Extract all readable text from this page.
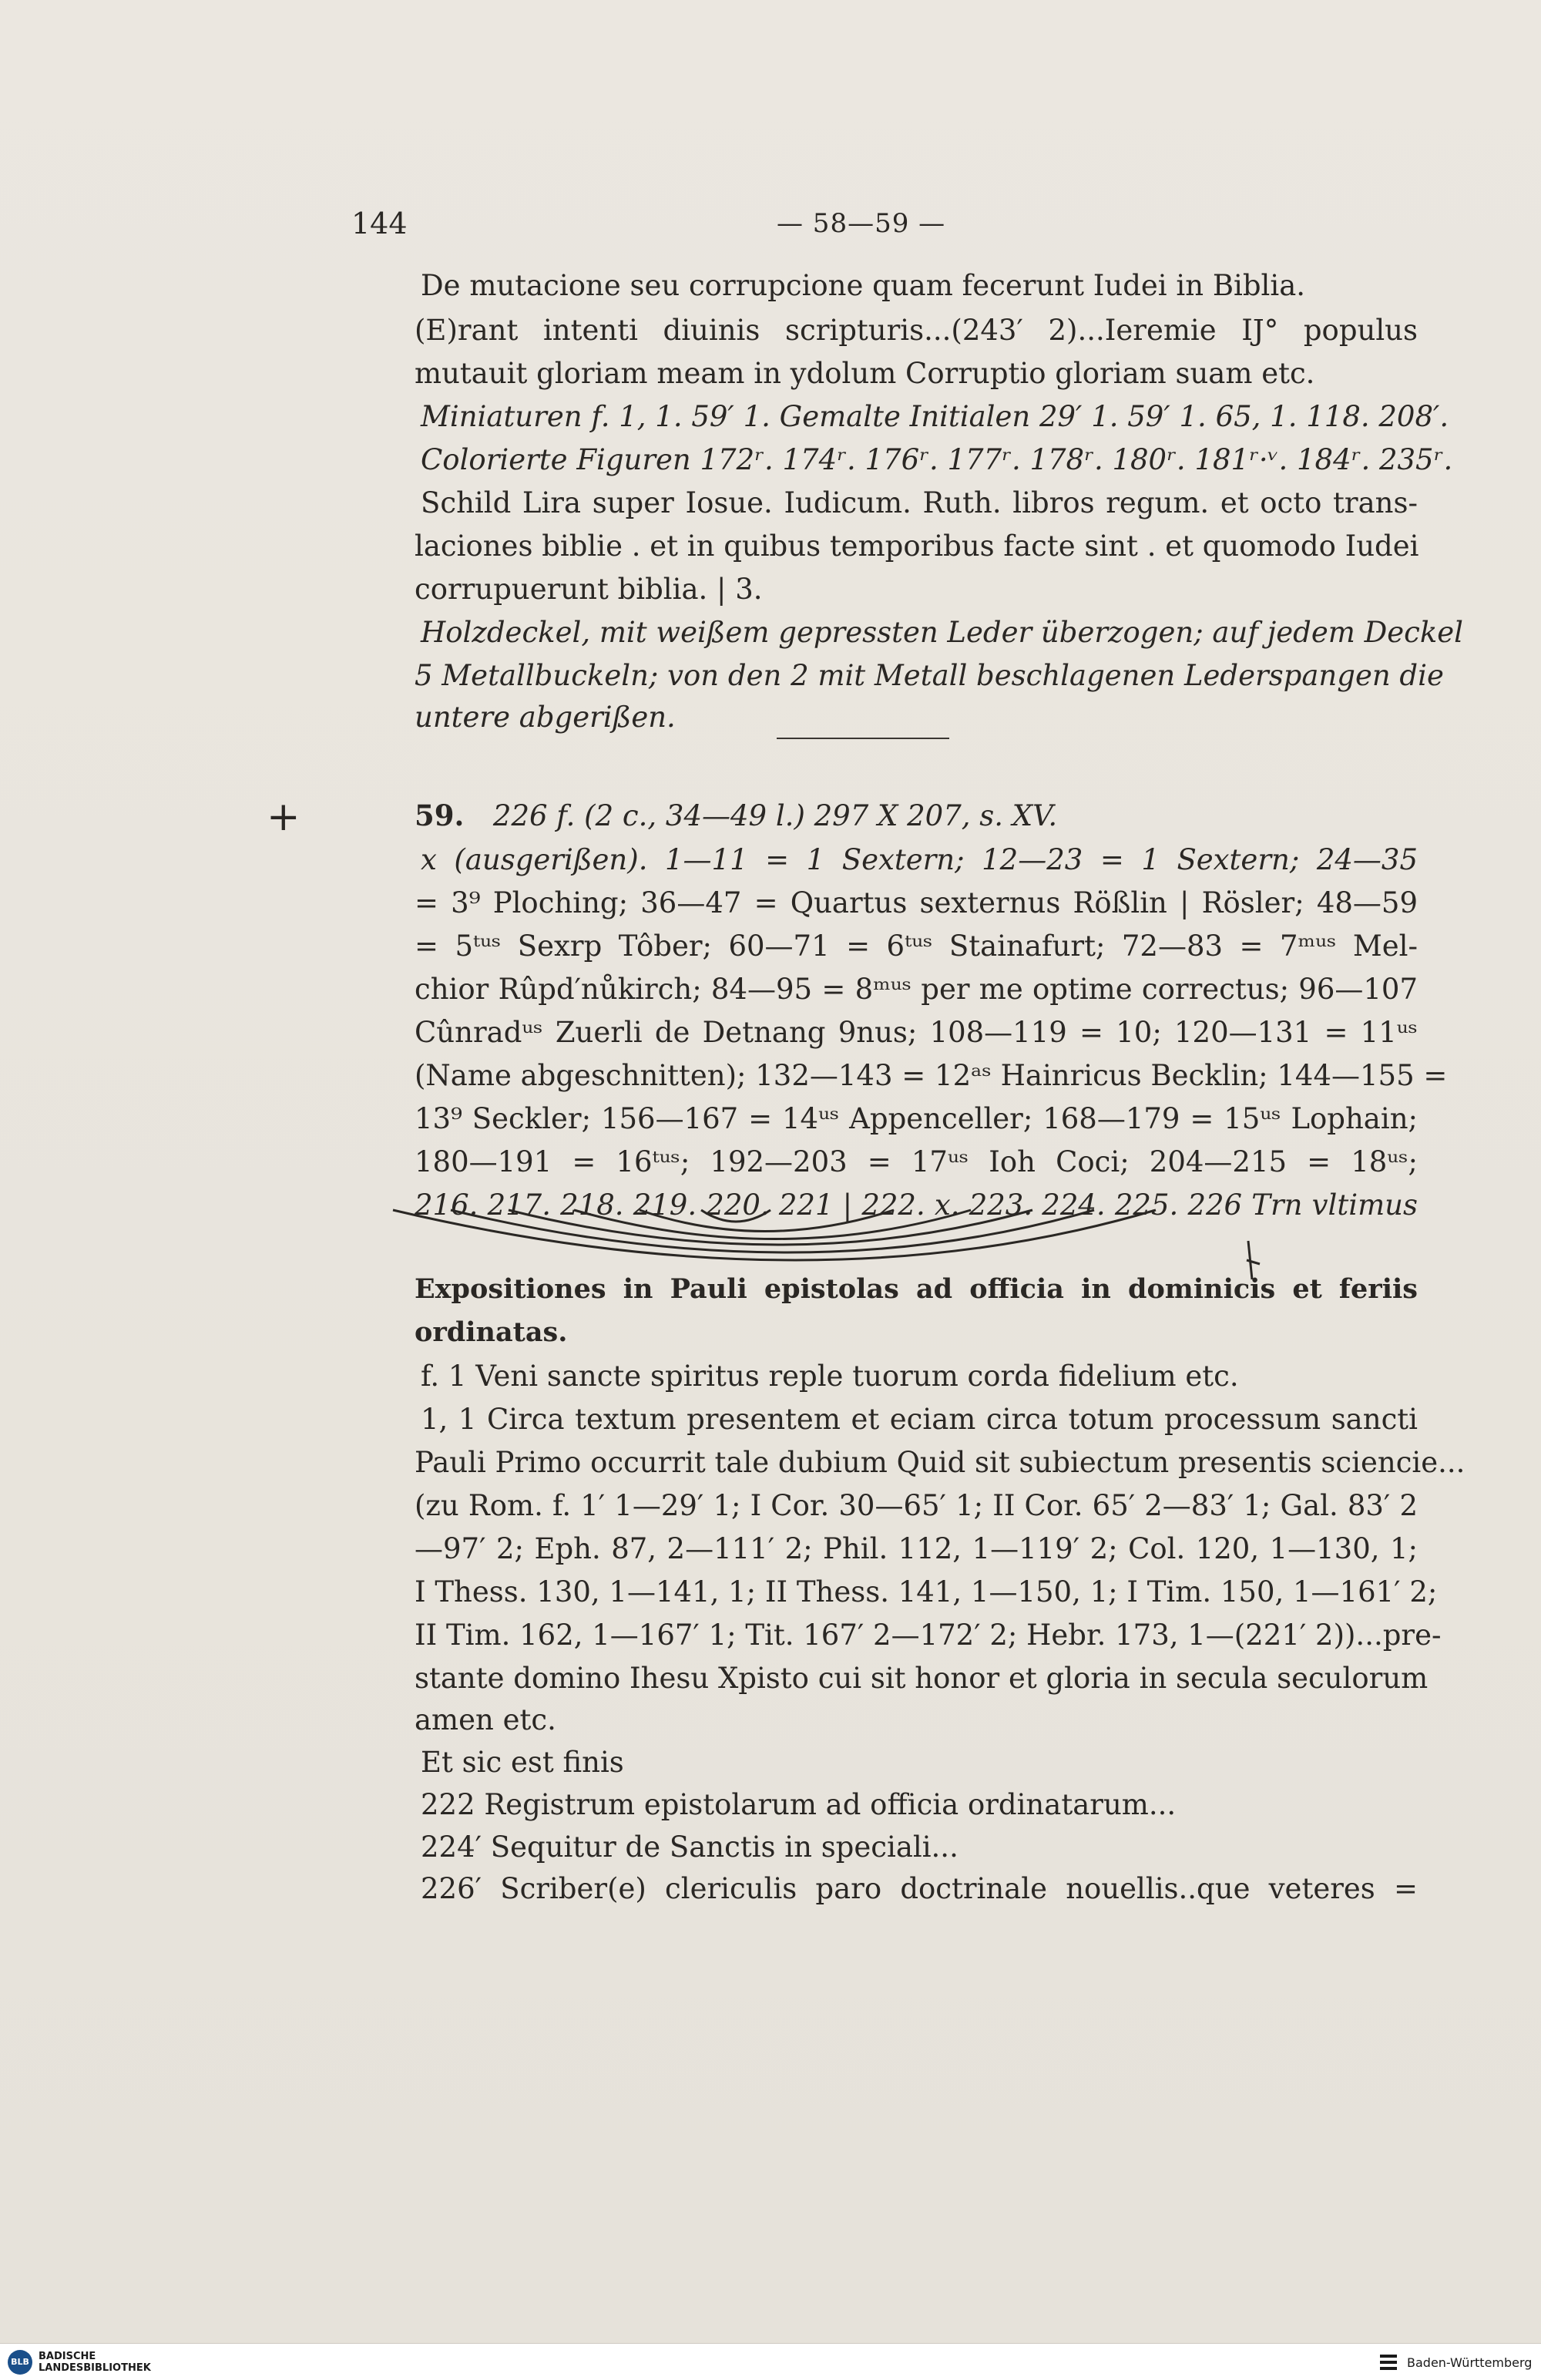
144	— 58—59 —
De mutacione seu corrupcione quam fecerunt Iudei in Biblia.
(E)rant intenti diuinis scripturis...(243′ 2)...Ieremie IJ° populus
mutauit gloriam meam in ydolum Corruptio gloriam suam etc.
Miniaturen f. 1, 1. 59′ 1. Gemalte Initialen 29′ 1. 59′ 1. 65, 1. 118. 208′.
Colorierte Figuren 172ʳ. 174ʳ. 176ʳ. 177ʳ. 178ʳ. 180ʳ. 181ʳ·ᵛ. 184ʳ. 235ʳ.
Schild Lira super Iosue. Iudicum. Ruth. libros regum. et octo trans-
laciones biblie . et in quibus temporibus facte sint . et quomodo Iudei
corrupuerunt biblia. | 3.
Holzdeckel, mit weißem gepressten Leder überzogen; auf jedem Deckel
5 Metallbuckeln; von den 2 mit Metall beschlagenen Lederspangen die
untere abgerißen.
+	59. 226 f. (2 c., 34—49 l.) 297 X 207, s. XV.
x (ausgerißen). 1—11 = 1 Sextern; 12—23 = 1 Sextern; 24—35
= 3⁹ Ploching; 36—47 = Quartus sexternus Rößlin | Rösler; 48—59
= 5ᵗᵘˢ Sexrp Tôber; 60—71 = 6ᵗᵘˢ Stainafurt; 72—83 = 7ᵐᵘˢ Mel-
chior Rûpd′nůkirch; 84—95 = 8ᵐᵘˢ per me optime correctus; 96—107
Cûnradᵘˢ Zuerli de Detnang 9nus; 108—119 = 10; 120—131 = 11ᵘˢ
(Name abgeschnitten); 132—143 = 12ᵃˢ Hainricus Becklin; 144—155 =
13⁹ Seckler; 156—167 = 14ᵘˢ Appenceller; 168—179 = 15ᵘˢ Lophain;
180—191 = 16ᵗᵘˢ; 192—203 = 17ᵘˢ Ioh Coci; 204—215 = 18ᵘˢ;
216. 217. 218. 219. 220. 221 | 222. x. 223. 224. 225. 226 Trn vltimus
Expositiones in Pauli epistolas ad officia in dominicis et feriis
ordinatas.
f. 1 Veni sancte spiritus reple tuorum corda fidelium etc.
1, 1 Circa textum presentem et eciam circa totum processum sancti
Pauli Primo occurrit tale dubium Quid sit subiectum presentis sciencie...
(zu Rom. f. 1′ 1—29′ 1; I Cor. 30—65′ 1; II Cor. 65′ 2—83′ 1; Gal. 83′ 2
—97′ 2; Eph. 87, 2—111′ 2; Phil. 112, 1—119′ 2; Col. 120, 1—130, 1;
I Thess. 130, 1—141, 1; II Thess. 141, 1—150, 1; I Tim. 150, 1—161′ 2;
II Tim. 162, 1—167′ 1; Tit. 167′ 2—172′ 2; Hebr. 173, 1—(221′ 2))...pre-
stante domino Ihesu Xpisto cui sit honor et gloria in secula seculorum
amen etc.
Et sic est finis
222 Registrum epistolarum ad officia ordinatarum...
224′ Sequitur de Sanctis in speciali...
226′ Scriber(e) clericulis paro doctrinale nouellis..que veteres =
BLB BADISCHE
LANDESBIBLIOTHEK	Baden-Württemberg
